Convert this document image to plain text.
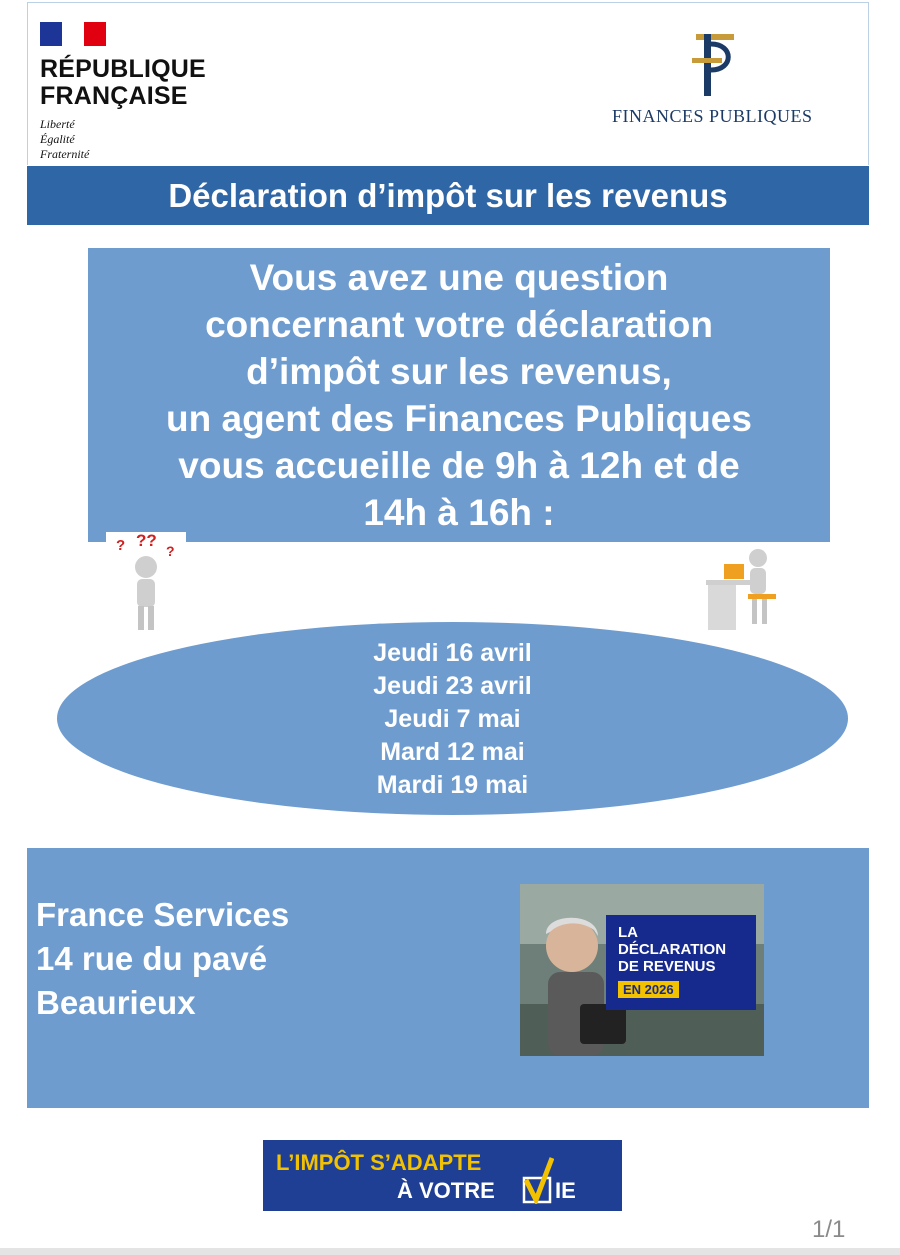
RÉPUBLIQUE
FRANÇAISE
Liberté
Égalité
Fraternité
FINANCES PUBLIQUES
Déclaration d’impôt sur les revenus
Vous avez une question
concernant votre déclaration
d’impôt sur les revenus,
un agent des Finances Publiques
vous accueille de 9h à 12h et de
14h à 16h :
? ??
?
Jeudi 16 avril
Jeudi 23 avril
Jeudi 7 mai
Mard 12 mai
Mardi 19 mai
France Services
14 rue du pavé
Beaurieux
LA
DÉCLARATION
DE REVENUS
EN 2026
L’IMPÔT S’ADAPTE
À VOTRE	IE
1/1
